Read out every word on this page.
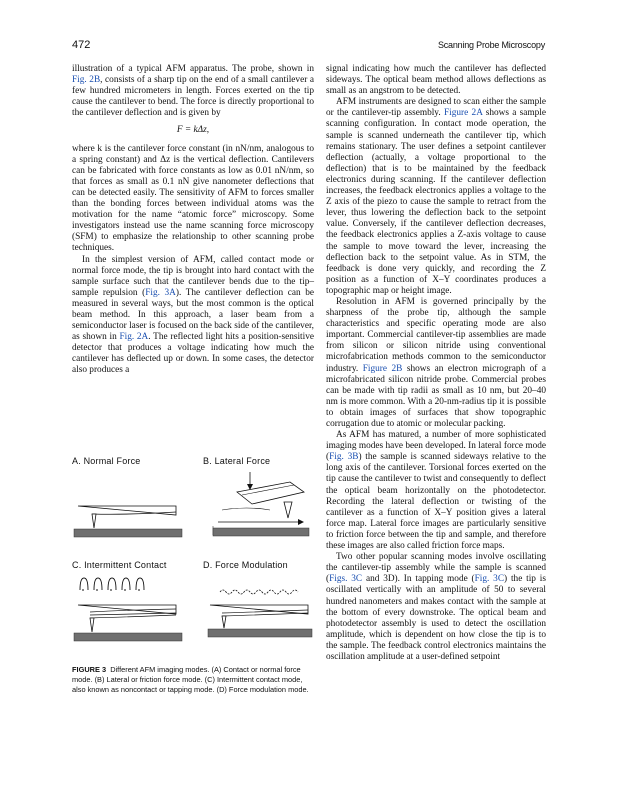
472	Scanning Probe Microscopy

illustration of a typical AFM apparatus. The probe, shown in Fig. 2B, consists of a sharp tip on the end of a small cantilever a few hundred micrometers in length. Forces exerted on the tip cause the cantilever to bend. The force is directly proportional to the cantilever deflection and is given by

F = kΔz,

where k is the cantilever force constant (in nN/nm, analogous to a spring constant) and Δz is the vertical deflection. Cantilevers can be fabricated with force constants as low as 0.01 nN/nm, so that forces as small as 0.1 nN give nanometer deflections that can be detected easily. The sensitivity of AFM to forces smaller than the bonding forces between individual atoms was the motivation for the name “atomic force” microscopy. Some investigators instead use the name scanning force microscopy (SFM) to emphasize the relationship to other scanning probe techniques.

In the simplest version of AFM, called contact mode or normal force mode, the tip is brought into hard contact with the sample surface such that the cantilever bends due to the tip–sample repulsion (Fig. 3A). The cantilever deflection can be measured in several ways, but the most common is the optical beam method. In this approach, a laser beam from a semiconductor laser is focused on the back side of the cantilever, as shown in Fig. 2A. The reflected light hits a position-sensitive detector that produces a voltage indicating how much the cantilever has deflected up or down. In some cases, the detector also produces a

A. Normal Force	B. Lateral Force
C. Intermittent Contact	D. Force Modulation
FIGURE 3 Different AFM imaging modes. (A) Contact or normal force mode. (B) Lateral or friction force mode. (C) Intermittent contact mode, also known as noncontact or tapping mode. (D) Force modulation mode.

signal indicating how much the cantilever has deflected sideways. The optical beam method allows deflections as small as an angstrom to be detected.

AFM instruments are designed to scan either the sample or the cantilever-tip assembly. Figure 2A shows a sample scanning configuration. In contact mode operation, the sample is scanned underneath the cantilever tip, which remains stationary. The user defines a setpoint cantilever deflection (actually, a voltage proportional to the deflection) that is to be maintained by the feedback electronics during scanning. If the cantilever deflection increases, the feedback electronics applies a voltage to the Z axis of the piezo to cause the sample to retract from the lever, thus lowering the deflection back to the setpoint value. Conversely, if the cantilever deflection decreases, the feedback electronics applies a Z-axis voltage to cause the sample to move toward the lever, increasing the deflection back to the setpoint value. As in STM, the feedback is done very quickly, and recording the Z position as a function of X–Y coordinates produces a topographic map or height image.

Resolution in AFM is governed principally by the sharpness of the probe tip, although the sample characteristics and specific operating mode are also important. Commercial cantilever-tip assemblies are made from silicon or silicon nitride using conventional microfabrication methods common to the semiconductor industry. Figure 2B shows an electron micrograph of a microfabricated silicon nitride probe. Commercial probes can be made with tip radii as small as 10 nm, but 20–40 nm is more common. With a 20-nm-radius tip it is possible to obtain images of surfaces that show topographic corrugation due to atomic or molecular packing.

As AFM has matured, a number of more sophisticated imaging modes have been developed. In lateral force mode (Fig. 3B) the sample is scanned sideways relative to the long axis of the cantilever. Torsional forces exerted on the tip cause the cantilever to twist and consequently to deflect the optical beam horizontally on the photodetector. Recording the lateral deflection or twisting of the cantilever as a function of X–Y position gives a lateral force map. Lateral force images are particularly sensitive to friction force between the tip and sample, and therefore these images are also called friction force maps.

Two other popular scanning modes involve oscillating the cantilever-tip assembly while the sample is scanned (Figs. 3C and 3D). In tapping mode (Fig. 3C) the tip is oscillated vertically with an amplitude of 50 to several hundred nanometers and makes contact with the sample at the bottom of every downstroke. The optical beam and photodetector assembly is used to detect the oscillation amplitude, which is dependent on how close the tip is to the sample. The feedback control electronics maintains the oscillation amplitude at a user-defined setpoint
